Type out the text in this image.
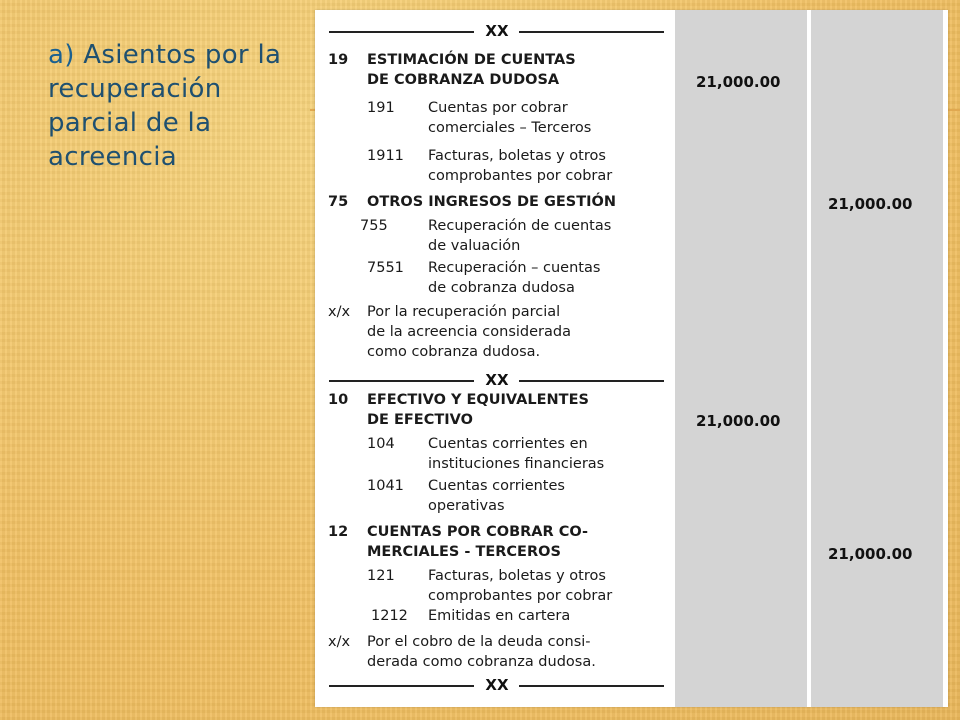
a) Asientos por la recuperación parcial de la acreencia
XX
XX
XX
19 ESTIMACIÓN DE CUENTAS
DE COBRANZA DUDOSA
191 Cuentas por cobrar
comerciales – Terceros
1911 Facturas, boletas y otros
comprobantes por cobrar
75 OTROS INGRESOS DE GESTIÓN
755	Recuperación de cuentas
de valuación
7551 Recuperación – cuentas
de cobranza dudosa
x/x Por la recuperación parcial
de la acreencia considerada
como cobranza dudosa.
21,000.00
21,000.00
10 EFECTIVO Y EQUIVALENTES
DE EFECTIVO
104 Cuentas corrientes en
instituciones financieras
1041 Cuentas corrientes
operativas
12 CUENTAS POR COBRAR CO-
MERCIALES - TERCEROS
121 Facturas, boletas y otros
comprobantes por cobrar
1212 Emitidas en cartera
x/x Por el cobro de la deuda consi-
derada como cobranza dudosa.
21,000.00
21,000.00
